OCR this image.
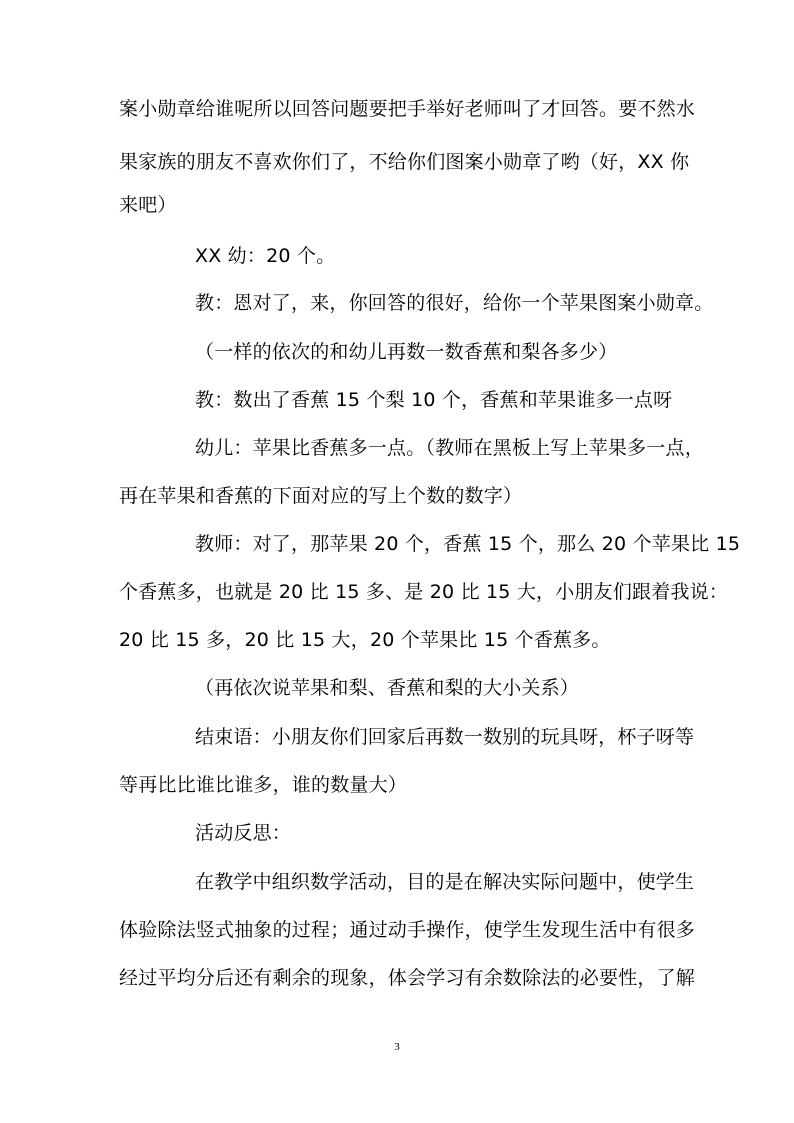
案小勋章给谁呢所以回答问题要把手举好老师叫了才回答。要不然水
果家族的朋友不喜欢你们了，不给你们图案小勋章了哟（好，XX 你
来吧）
XX 幼：20 个。
教：恩对了，来，你回答的很好，给你一个苹果图案小勋章。
（一样的依次的和幼儿再数一数香蕉和梨各多少）
教：数出了香蕉 15 个梨 10 个，香蕉和苹果谁多一点呀
幼儿：苹果比香蕉多一点。（教师在黑板上写上苹果多一点，
再在苹果和香蕉的下面对应的写上个数的数字）
教师：对了，那苹果 20 个，香蕉 15 个，那么 20 个苹果比 15
个香蕉多，也就是 20 比 15 多、是 20 比 15 大，小朋友们跟着我说：
20 比 15 多，20 比 15 大，20 个苹果比 15 个香蕉多。
（再依次说苹果和梨、香蕉和梨的大小关系）
结束语：小朋友你们回家后再数一数别的玩具呀，杯子呀等
等再比比谁比谁多，谁的数量大）
活动反思：
在教学中组织数学活动，目的是在解决实际问题中，使学生
体验除法竖式抽象的过程；通过动手操作，使学生发现生活中有很多
经过平均分后还有剩余的现象，体会学习有余数除法的必要性，了解
3
